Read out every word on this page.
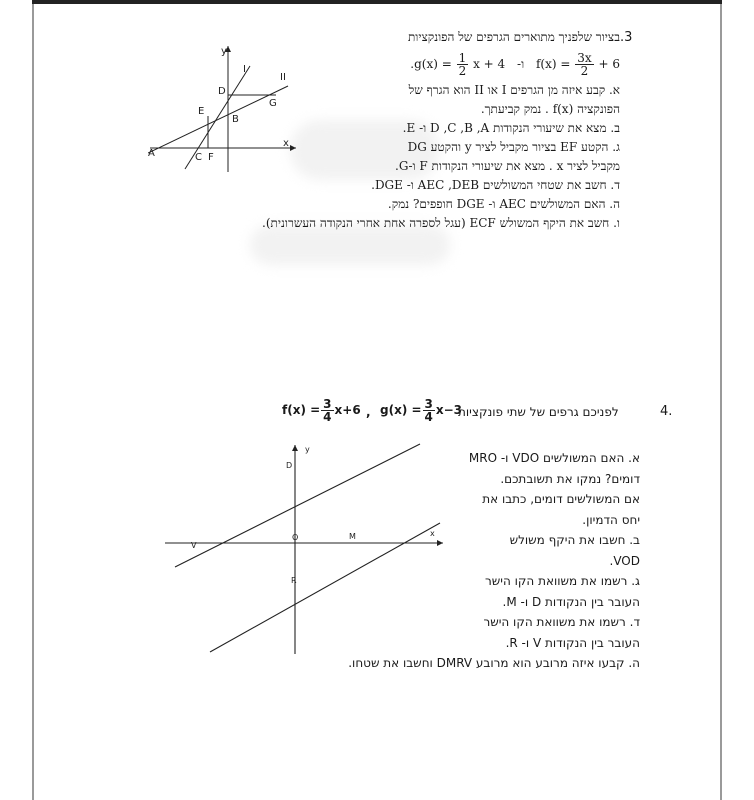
.3
בציור שלפניך מתוארים הגרפים של הפונקציות
$.g(x) = \frac{1}{2}$ x + 4 -ו $f(x) = \frac{3x}{2} + 6$
א. קבע איזה מן הגרפים I או II הוא הגרף של
הפונקציה f(x) . נמק קביעתך.
ב. מצא את שיעורי הנקודות D ,C ,B ,A ו- E.
ג. הקטע EF בציור מקביל לציר y והקטע DG
מקביל לציר x . מצא את שיעורי הנקודות F ו-G.
ד. חשב את שטחי המשולשים AEC ,DEB ו- DGE.
ה. האם המשולשים AEC ו- DGE חופפים? נמק.
ו. חשב את היקף המשולש ECF (עגל לספרה אחת אחרי הנקודה העשרונית).
y
x
I
II
A
B
C
D
E
F
G
4.
$f(x) = \frac{3}{4} x+6$ , $g(x) = \frac{3}{4} x-3$
לפניכם גרפים של שתי פונקציות
א. האם המשולשים VDO ו- MRO
דומים? נמקו את תשובתכם.
אם המשולשים דומים, כתבו את
יחס הדמיון.
ב. חשבו את היקף משולש
VOD.
ג. רשמו את משוואת הקו הישר
העובר בין הנקודות D ו- M.
ד. רשמו את משוואת הקו הישר
העובר בין הנקודות V ו- R.
ה. קבעו איזה מרובע הוא מרובע DMRV וחשבו את שטחו.
y
x
D
O
V
M
R
